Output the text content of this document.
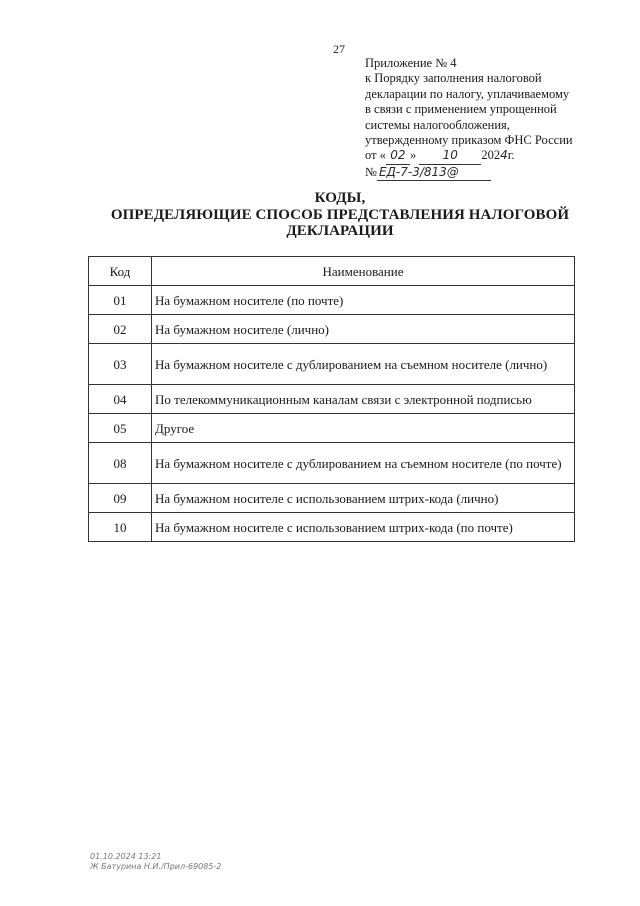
27
Приложение № 4
к Порядку заполнения налоговой
декларации по налогу, уплачиваемому
в связи с применением упрощенной
системы налогообложения,
утвержденному приказом ФНС России
от « 02 » 10 2024г.
№ ЕД-7-3/813@
КОДЫ,
ОПРЕДЕЛЯЮЩИЕ СПОСОБ ПРЕДСТАВЛЕНИЯ НАЛОГОВОЙ
ДЕКЛАРАЦИИ
Код	Наименование
01	На бумажном носителе (по почте)
02	На бумажном носителе (лично)
03	На бумажном носителе с дублированием на съемном носителе (лично)
04	По телекоммуникационным каналам связи с электронной подписью
05	Другое
08	На бумажном носителе с дублированием на съемном носителе (по почте)
09	На бумажном носителе с использованием штрих-кода (лично)
10	На бумажном носителе с использованием штрих-кода (по почте)
01.10.2024 13:21
Ж Батурина Н.И./Прил-69085-2
